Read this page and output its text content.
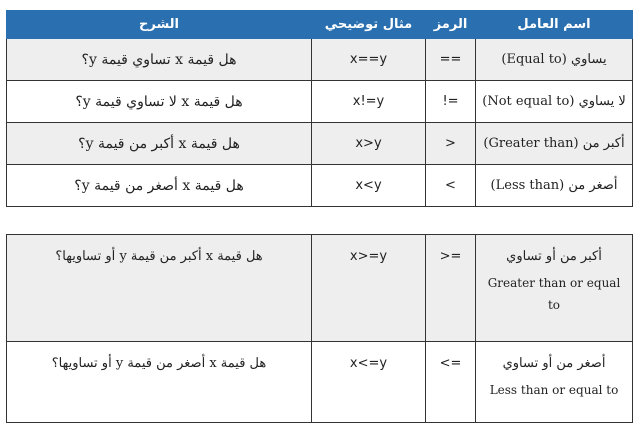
اسم العامل	الرمز	مثال توضيحي	الشرح
يساوي (Equal to)	==	x==y	هل قيمة x تساوي قيمة y؟
لا يساوي (Not equal to)	!=	x!=y	هل قيمة x لا تساوي قيمة y؟
أكبر من (Greater than)	>	x>y	هل قيمة x أكبر من قيمة y؟
أصغر من (Less than)	<	x<y	هل قيمة x أصغر من قيمة y؟
أكبر من أو تساوي
Greater than or equal to	>=	x>=y	هل قيمة x أكبر من قيمة y أو تساويها؟
أصغر من أو تساوي
Less than or equal to	<=	x<=y	هل قيمة x أصغر من قيمة y أو تساويها؟
